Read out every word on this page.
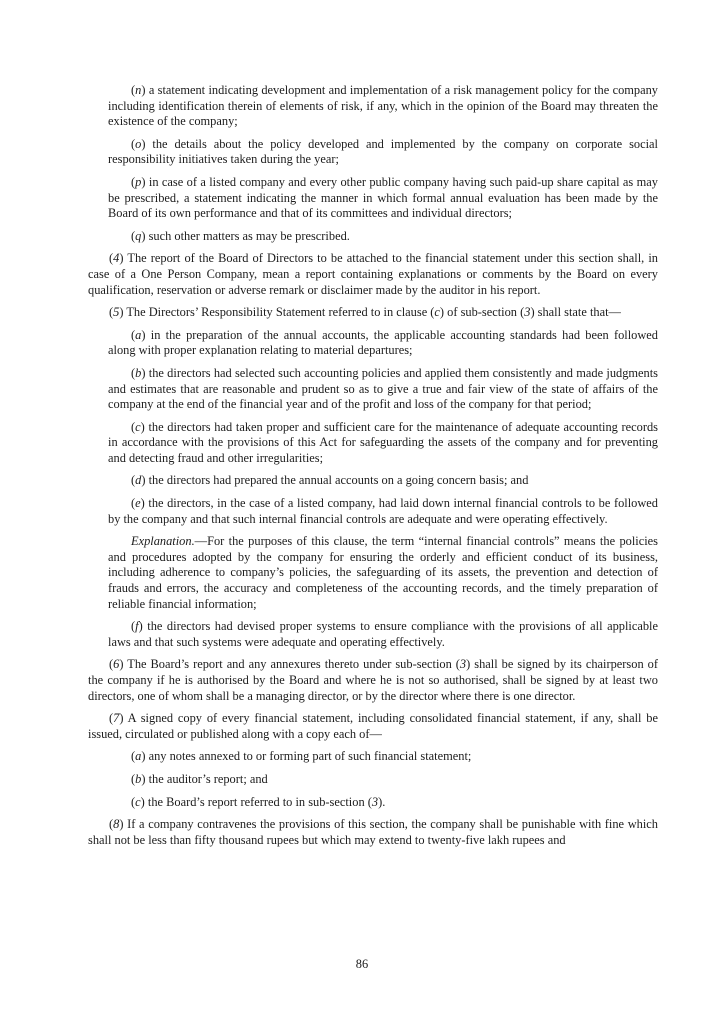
(n) a statement indicating development and implementation of a risk management policy for the company including identification therein of elements of risk, if any, which in the opinion of the Board may threaten the existence of the company;

(o) the details about the policy developed and implemented by the company on corporate social responsibility initiatives taken during the year;

(p) in case of a listed company and every other public company having such paid-up share capital as may be prescribed, a statement indicating the manner in which formal annual evaluation has been made by the Board of its own performance and that of its committees and individual directors;

(q) such other matters as may be prescribed.

(4) The report of the Board of Directors to be attached to the financial statement under this section shall, in case of a One Person Company, mean a report containing explanations or comments by the Board on every qualification, reservation or adverse remark or disclaimer made by the auditor in his report.

(5) The Directors’ Responsibility Statement referred to in clause (c) of sub-section (3) shall state that—

(a) in the preparation of the annual accounts, the applicable accounting standards had been followed along with proper explanation relating to material departures;

(b) the directors had selected such accounting policies and applied them consistently and made judgments and estimates that are reasonable and prudent so as to give a true and fair view of the state of affairs of the company at the end of the financial year and of the profit and loss of the company for that period;

(c) the directors had taken proper and sufficient care for the maintenance of adequate accounting records in accordance with the provisions of this Act for safeguarding the assets of the company and for preventing and detecting fraud and other irregularities;

(d) the directors had prepared the annual accounts on a going concern basis; and

(e) the directors, in the case of a listed company, had laid down internal financial controls to be followed by the company and that such internal financial controls are adequate and were operating effectively.

Explanation.—For the purposes of this clause, the term “internal financial controls” means the policies and procedures adopted by the company for ensuring the orderly and efficient conduct of its business, including adherence to company’s policies, the safeguarding of its assets, the prevention and detection of frauds and errors, the accuracy and completeness of the accounting records, and the timely preparation of reliable financial information;

(f) the directors had devised proper systems to ensure compliance with the provisions of all applicable laws and that such systems were adequate and operating effectively.

(6) The Board’s report and any annexures thereto under sub-section (3) shall be signed by its chairperson of the company if he is authorised by the Board and where he is not so authorised, shall be signed by at least two directors, one of whom shall be a managing director, or by the director where there is one director.

(7) A signed copy of every financial statement, including consolidated financial statement, if any, shall be issued, circulated or published along with a copy each of—

(a) any notes annexed to or forming part of such financial statement;

(b) the auditor’s report; and

(c) the Board’s report referred to in sub-section (3).

(8) If a company contravenes the provisions of this section, the company shall be punishable with fine which shall not be less than fifty thousand rupees but which may extend to twenty-five lakh rupees and

86
